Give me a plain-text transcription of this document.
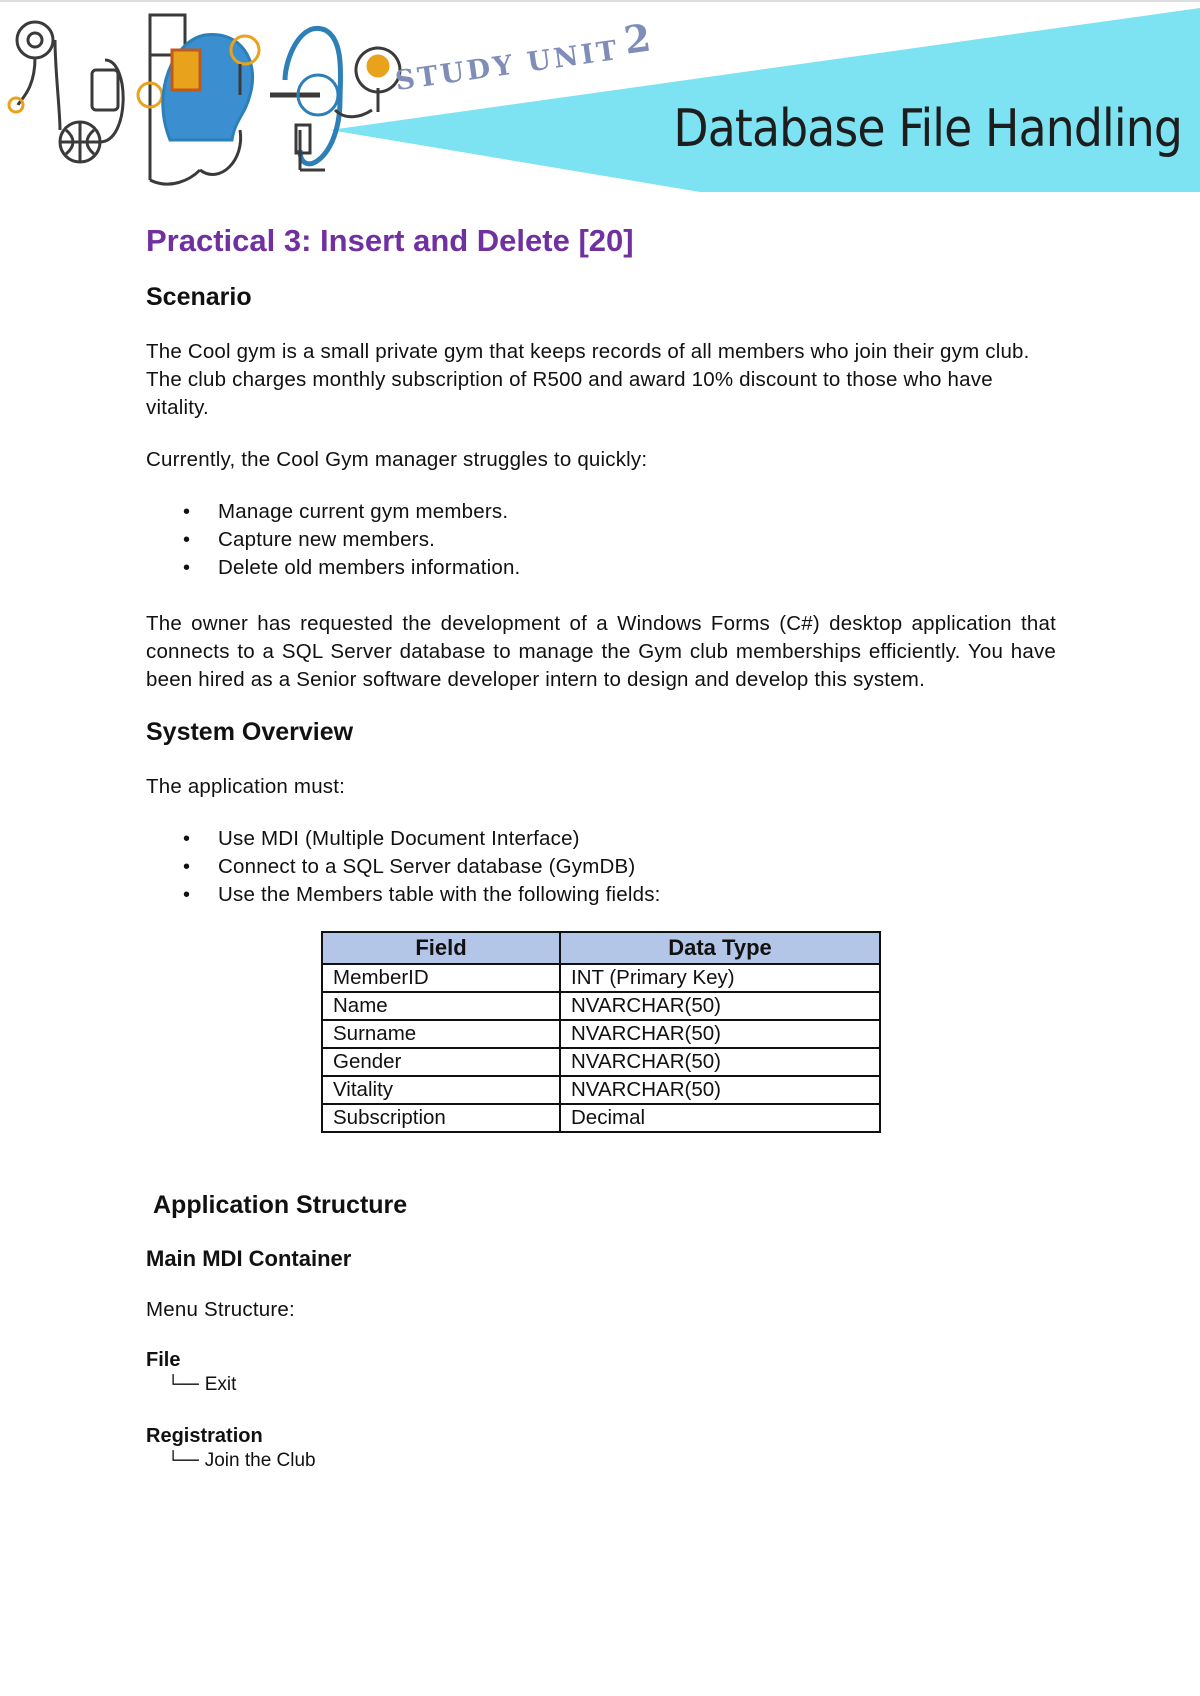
STUDY UNIT2
Database File Handling
Practical 3: Insert and Delete [20]
Scenario

The Cool gym is a small private gym that keeps records of all members who join their gym club. The club charges monthly subscription of R500 and award 10% discount to those who have vitality.

Currently, the Cool Gym manager struggles to quickly:

• Manage current gym members.
• Capture new members.
• Delete old members information.

The owner has requested the development of a Windows Forms (C#) desktop application that connects to a SQL Server database to manage the Gym club memberships efficiently. You have been hired as a Senior software developer intern to design and develop this system.

System Overview

The application must:

• Use MDI (Multiple Document Interface)
• Connect to a SQL Server database (GymDB)
• Use the Members table with the following fields:
Field	Data Type
MemberID	INT (Primary Key)
Name	NVARCHAR(50)
Surname	NVARCHAR(50)
Gender	NVARCHAR(50)
Vitality	NVARCHAR(50)
Subscription	Decimal
Application Structure
Main MDI Container

Menu Structure:

File
└── Exit
Registration
└── Join the Club
